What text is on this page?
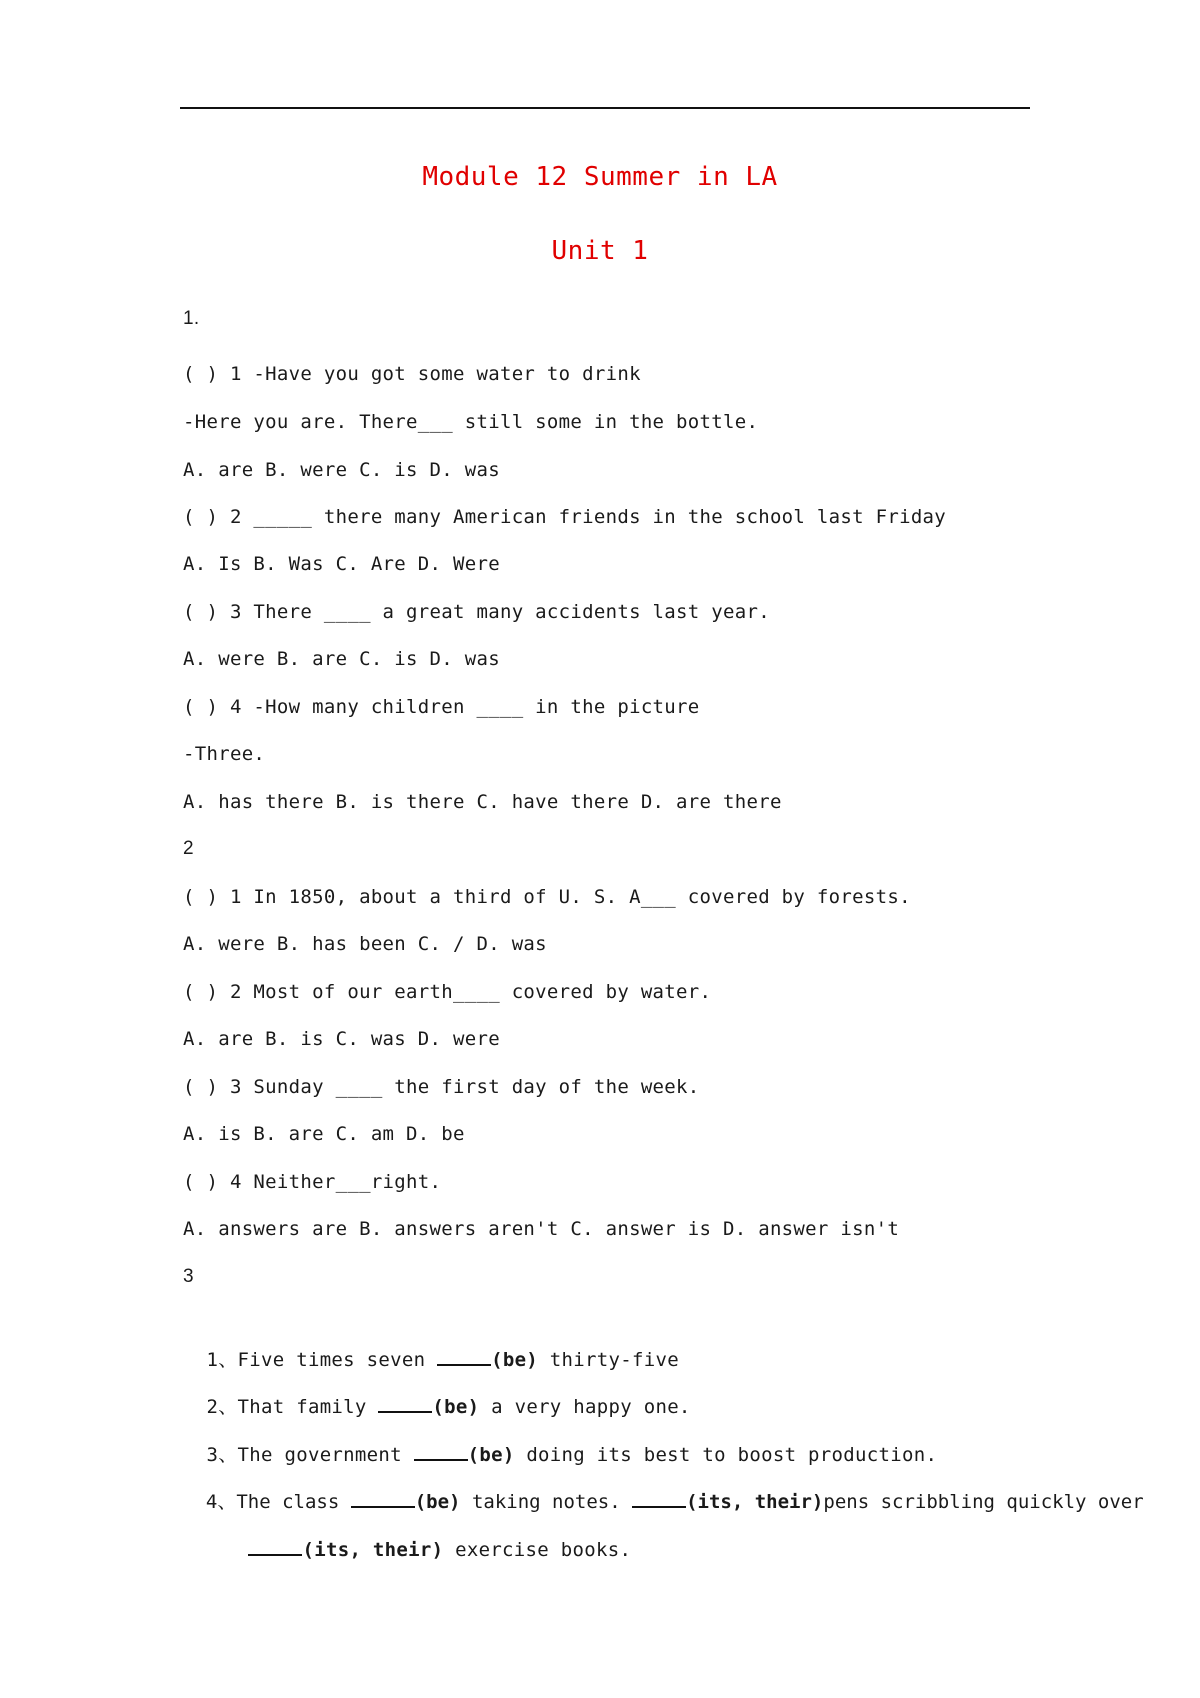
Module 12 Summer in LA
Unit 1
1.
( ) 1 -Have you got some water to drink
-Here you are. There___ still some in the bottle.
A. are B. were C. is D. was
( ) 2 _____ there many American friends in the school last Friday
A. Is B. Was C. Are D. Were
( ) 3 There ____ a great many accidents last year.
A. were B. are C. is D. was
( ) 4 -How many children ____ in the picture
-Three.
A. has there B. is there C. have there D. are there
2
( ) 1 In 1850, about a third of U. S. A___ covered by forests.
A. were B. has been C. / D. was
( ) 2 Most of our earth____ covered by water.
A. are B. is C. was D. were
( ) 3 Sunday ____ the first day of the week.
A. is B. are C. am D. be
( ) 4 Neither___right.
A. answers are B. answers aren't C. answer is D. answer isn't
3

1、Five times seven	(be) thirty-five

2、That family	(be) a very happy one.

3、The government	(be) doing its best to boost production.

4、The class	(be) taking notes.	(its, their)pens scribbling quickly over

(its, their) exercise books.
